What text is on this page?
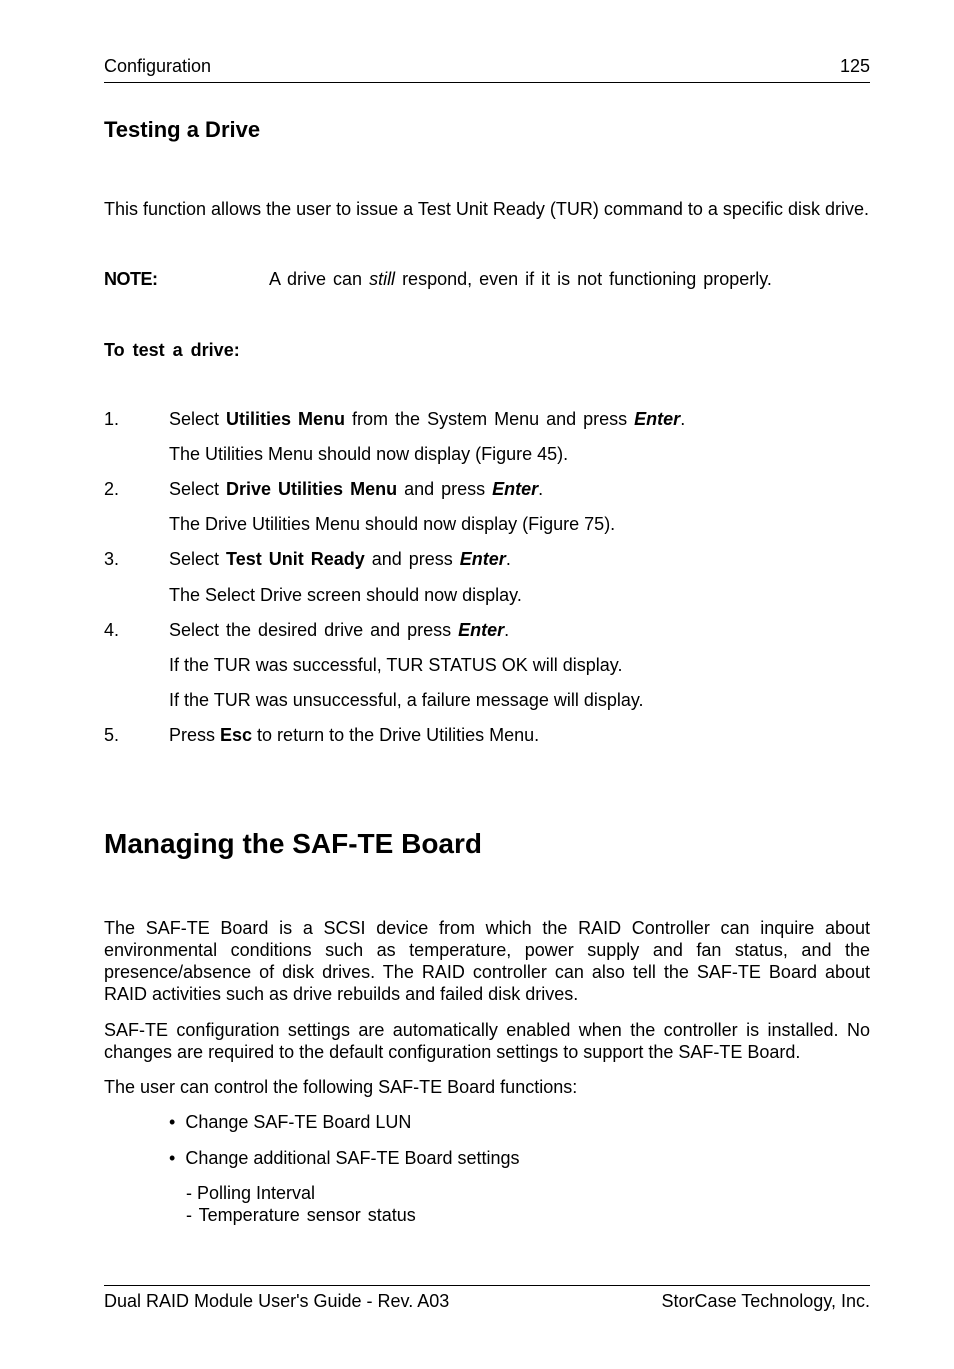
Configuration	125
Testing a Drive
This function allows the user to issue a Test Unit Ready (TUR) command to a specific disk drive.
NOTE:	A drive can still respond, even if it is not functioning properly.
To test a drive:
1.	Select Utilities Menu from the System Menu and press Enter.
The Utilities Menu should now display (Figure 45).
2.	Select Drive Utilities Menu and press Enter.
The Drive Utilities Menu should now display (Figure 75).
3.	Select Test Unit Ready and press Enter.
The Select Drive screen should now display.
4.	Select the desired drive and press Enter.
If the TUR was successful, TUR STATUS OK will display.
If the TUR was unsuccessful, a failure message will display.
5.	Press Esc to return to the Drive Utilities Menu.
Managing the SAF-TE Board
The SAF-TE Board is a SCSI device from which the RAID Controller can inquire about environmental conditions such as temperature, power supply and fan status, and the presence/absence of disk drives. The RAID controller can also tell the SAF-TE Board about RAID activities such as drive rebuilds and failed disk drives.
SAF-TE configuration settings are automatically enabled when the controller is installed. No changes are required to the default configuration settings to support the SAF-TE Board.
The user can control the following SAF-TE Board functions:
• Change SAF-TE Board LUN
• Change additional SAF-TE Board settings
- Polling Interval
- Temperature sensor status
Dual RAID Module User's Guide - Rev. A03	StorCase Technology, Inc.
